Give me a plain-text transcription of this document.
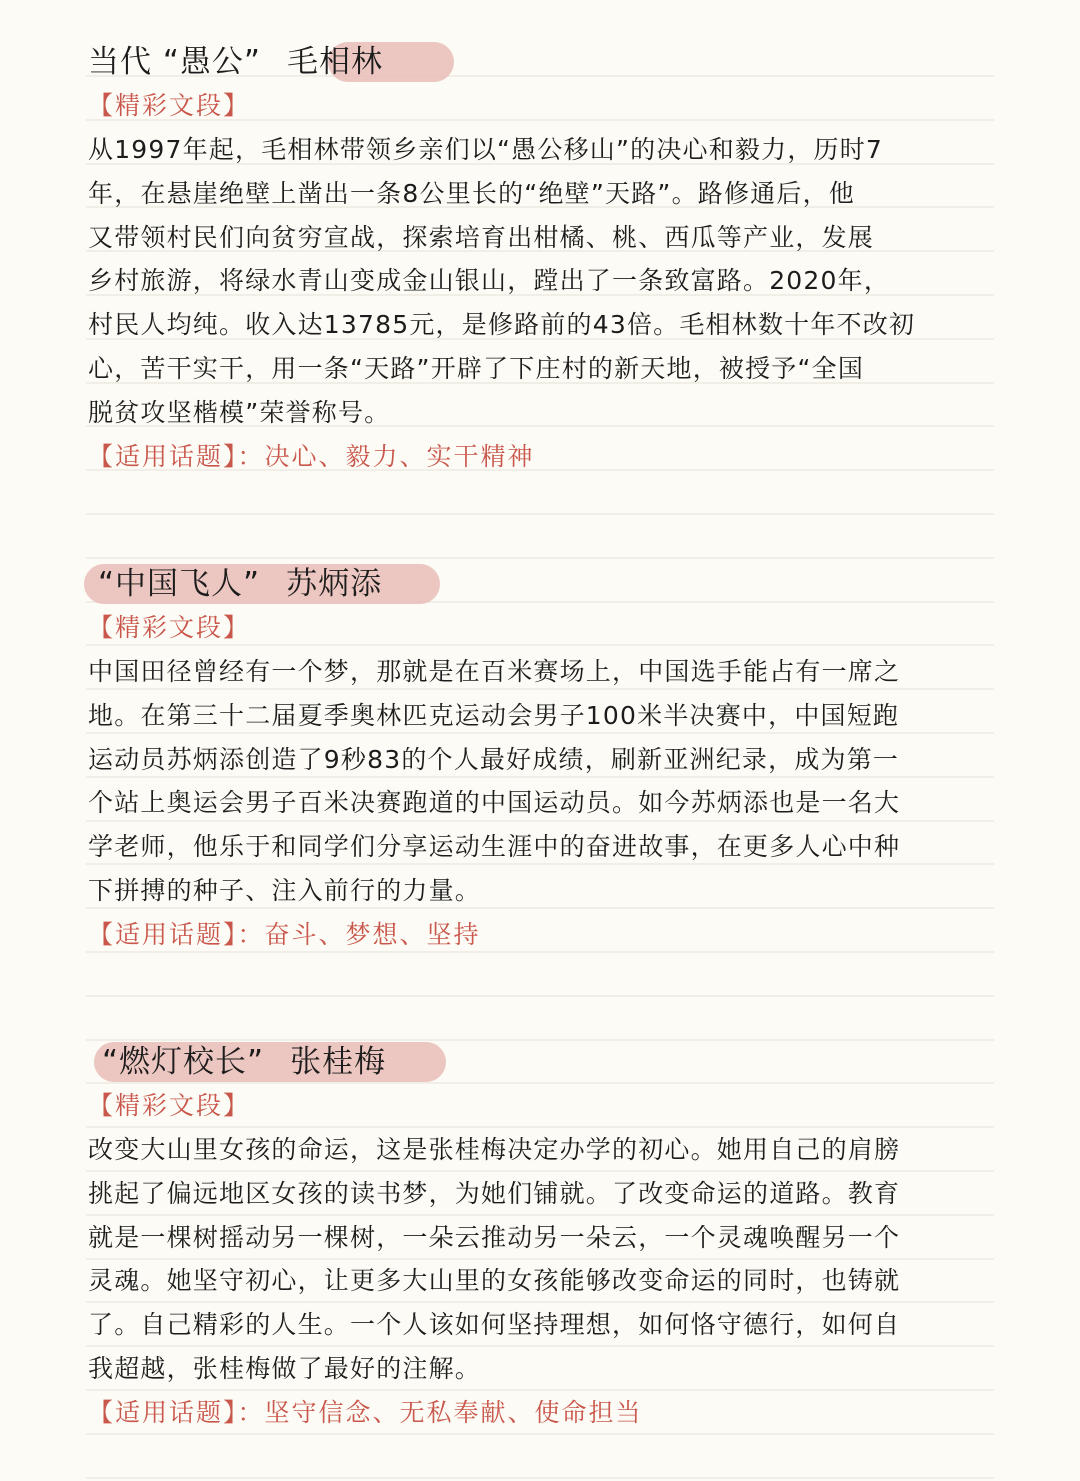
当代 “愚公” 毛相林
【精彩文段】
从1997年起，毛相林带领乡亲们以“愚公移山”的决心和毅力，历时7
年，在悬崖绝壁上凿出一条8公里长的“绝壁”天路”。路修通后，他
又带领村民们向贫穷宣战，探索培育出柑橘、桃、西瓜等产业，发展
乡村旅游，将绿水青山变成金山银山，蹚出了一条致富路。2020年，
村民人均纯。收入达13785元，是修路前的43倍。毛相林数十年不改初
心，苦干实干，用一条“天路”开辟了下庄村的新天地，被授予“全国
脱贫攻坚楷模”荣誉称号。
【适用话题】：决心、毅力、实干精神
“中国飞人” 苏炳添
【精彩文段】
中国田径曾经有一个梦，那就是在百米赛场上，中国选手能占有一席之
地。在第三十二届夏季奥林匹克运动会男子100米半决赛中，中国短跑
运动员苏炳添创造了9秒83的个人最好成绩，刷新亚洲纪录，成为第一
个站上奥运会男子百米决赛跑道的中国运动员。如今苏炳添也是一名大
学老师，他乐于和同学们分享运动生涯中的奋进故事，在更多人心中种
下拼搏的种子、注入前行的力量。
【适用话题】：奋斗、梦想、坚持
“燃灯校长” 张桂梅
【精彩文段】
改变大山里女孩的命运，这是张桂梅决定办学的初心。她用自己的肩膀
挑起了偏远地区女孩的读书梦，为她们铺就。了改变命运的道路。教育
就是一棵树摇动另一棵树，一朵云推动另一朵云，一个灵魂唤醒另一个
灵魂。她坚守初心，让更多大山里的女孩能够改变命运的同时，也铸就
了。自己精彩的人生。一个人该如何坚持理想，如何恪守德行，如何自
我超越，张桂梅做了最好的注解。
【适用话题】：坚守信念、无私奉献、使命担当
